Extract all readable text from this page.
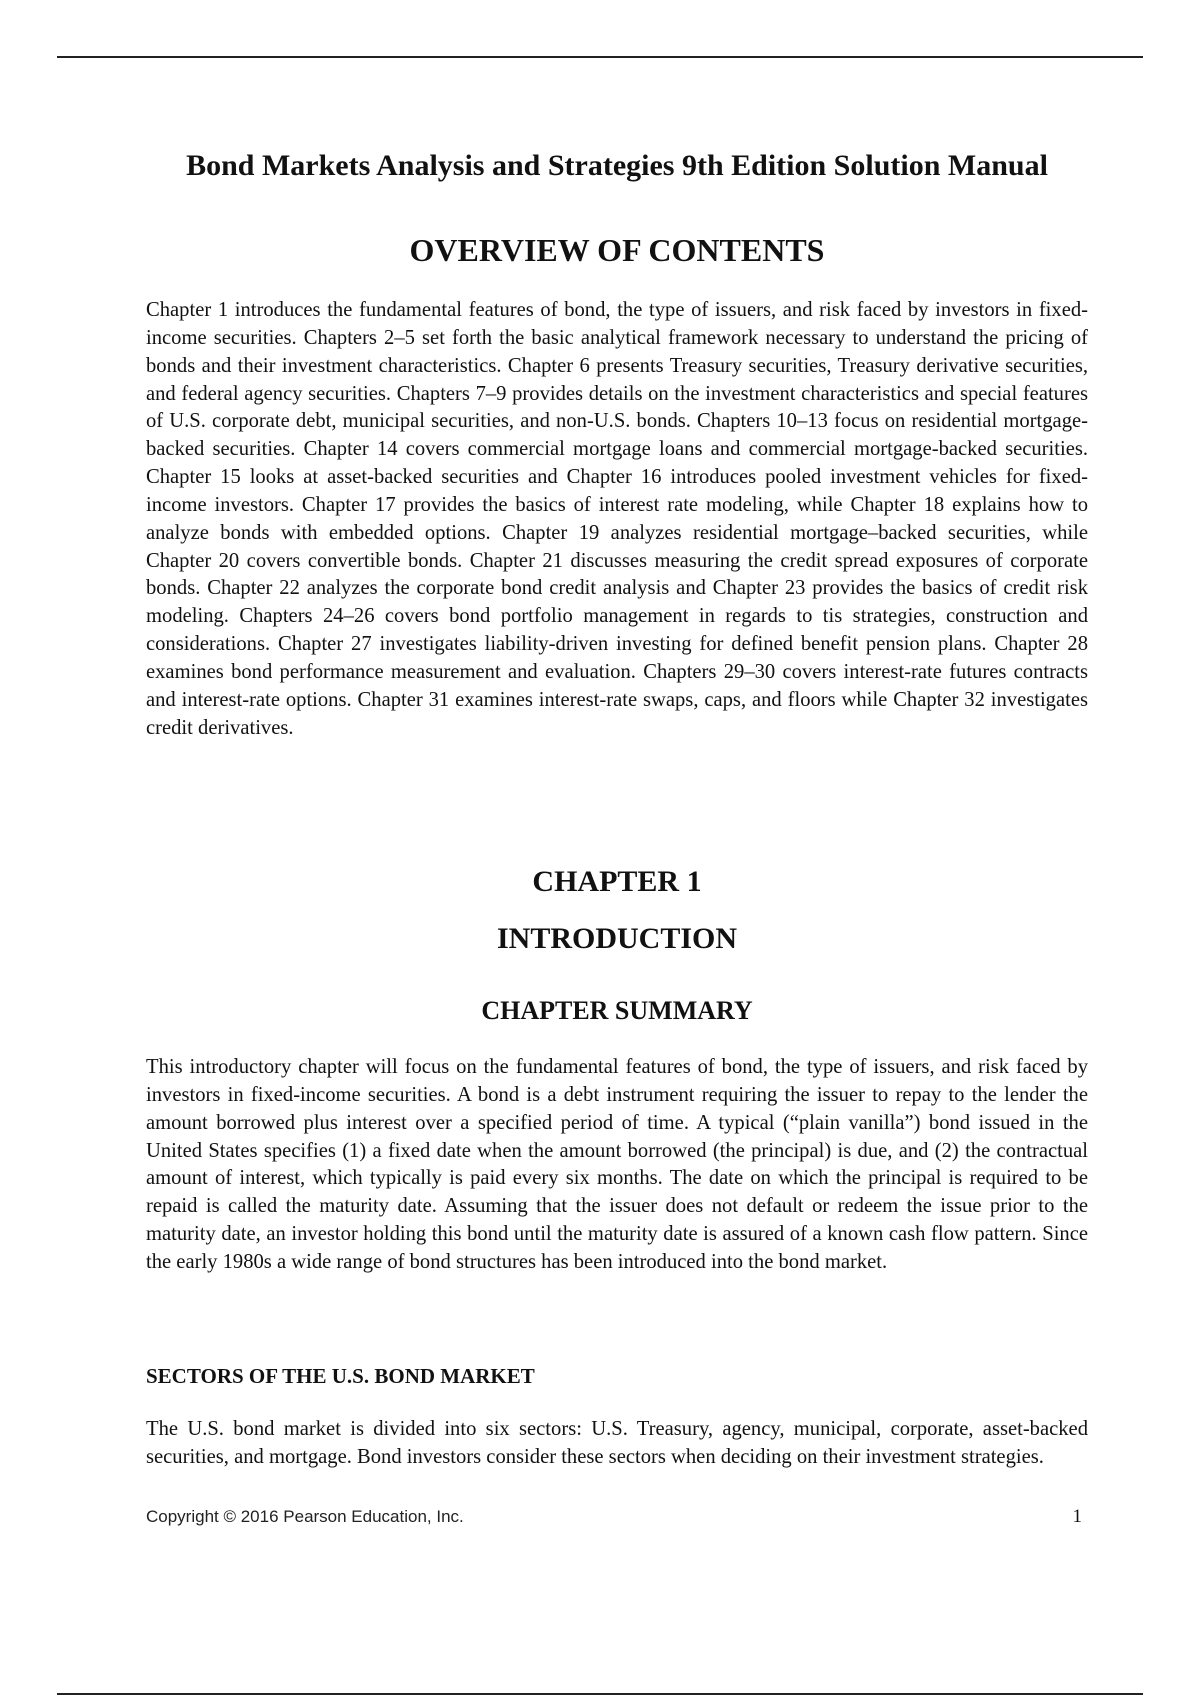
Bond Markets Analysis and Strategies 9th Edition Solution Manual
OVERVIEW OF CONTENTS

Chapter 1 introduces the fundamental features of bond, the type of issuers, and risk faced by investors in fixed-income securities. Chapters 2–5 set forth the basic analytical framework necessary to understand the pricing of bonds and their investment characteristics. Chapter 6 presents Treasury securities, Treasury derivative securities, and federal agency securities. Chapters 7–9 provides details on the investment characteristics and special features of U.S. corporate debt, municipal securities, and non-U.S. bonds. Chapters 10–13 focus on residential mortgage-backed securities. Chapter 14 covers commercial mortgage loans and commercial mortgage-backed securities. Chapter 15 looks at asset-backed securities and Chapter 16 introduces pooled investment vehicles for fixed-income investors. Chapter 17 provides the basics of interest rate modeling, while Chapter 18 explains how to analyze bonds with embedded options. Chapter 19 analyzes residential mortgage–backed securities, while Chapter 20 covers convertible bonds. Chapter 21 discusses measuring the credit spread exposures of corporate bonds. Chapter 22 analyzes the corporate bond credit analysis and Chapter 23 provides the basics of credit risk modeling. Chapters 24–26 covers bond portfolio management in regards to tis strategies, construction and considerations. Chapter 27 investigates liability-driven investing for defined benefit pension plans. Chapter 28 examines bond performance measurement and evaluation. Chapters 29–30 covers interest-rate futures contracts and interest-rate options. Chapter 31 examines interest-rate swaps, caps, and floors while Chapter 32 investigates credit derivatives.

CHAPTER 1
INTRODUCTION
CHAPTER SUMMARY

This introductory chapter will focus on the fundamental features of bond, the type of issuers, and risk faced by investors in fixed-income securities. A bond is a debt instrument requiring the issuer to repay to the lender the amount borrowed plus interest over a specified period of time. A typical (“plain vanilla”) bond issued in the United States specifies (1) a fixed date when the amount borrowed (the principal) is due, and (2) the contractual amount of interest, which typically is paid every six months. The date on which the principal is required to be repaid is called the maturity date. Assuming that the issuer does not default or redeem the issue prior to the maturity date, an investor holding this bond until the maturity date is assured of a known cash flow pattern. Since the early 1980s a wide range of bond structures has been introduced into the bond market.

SECTORS OF THE U.S. BOND MARKET

The U.S. bond market is divided into six sectors: U.S. Treasury, agency, municipal, corporate, asset-backed securities, and mortgage. Bond investors consider these sectors when deciding on their investment strategies.

Copyright © 2016 Pearson Education, Inc.	1
